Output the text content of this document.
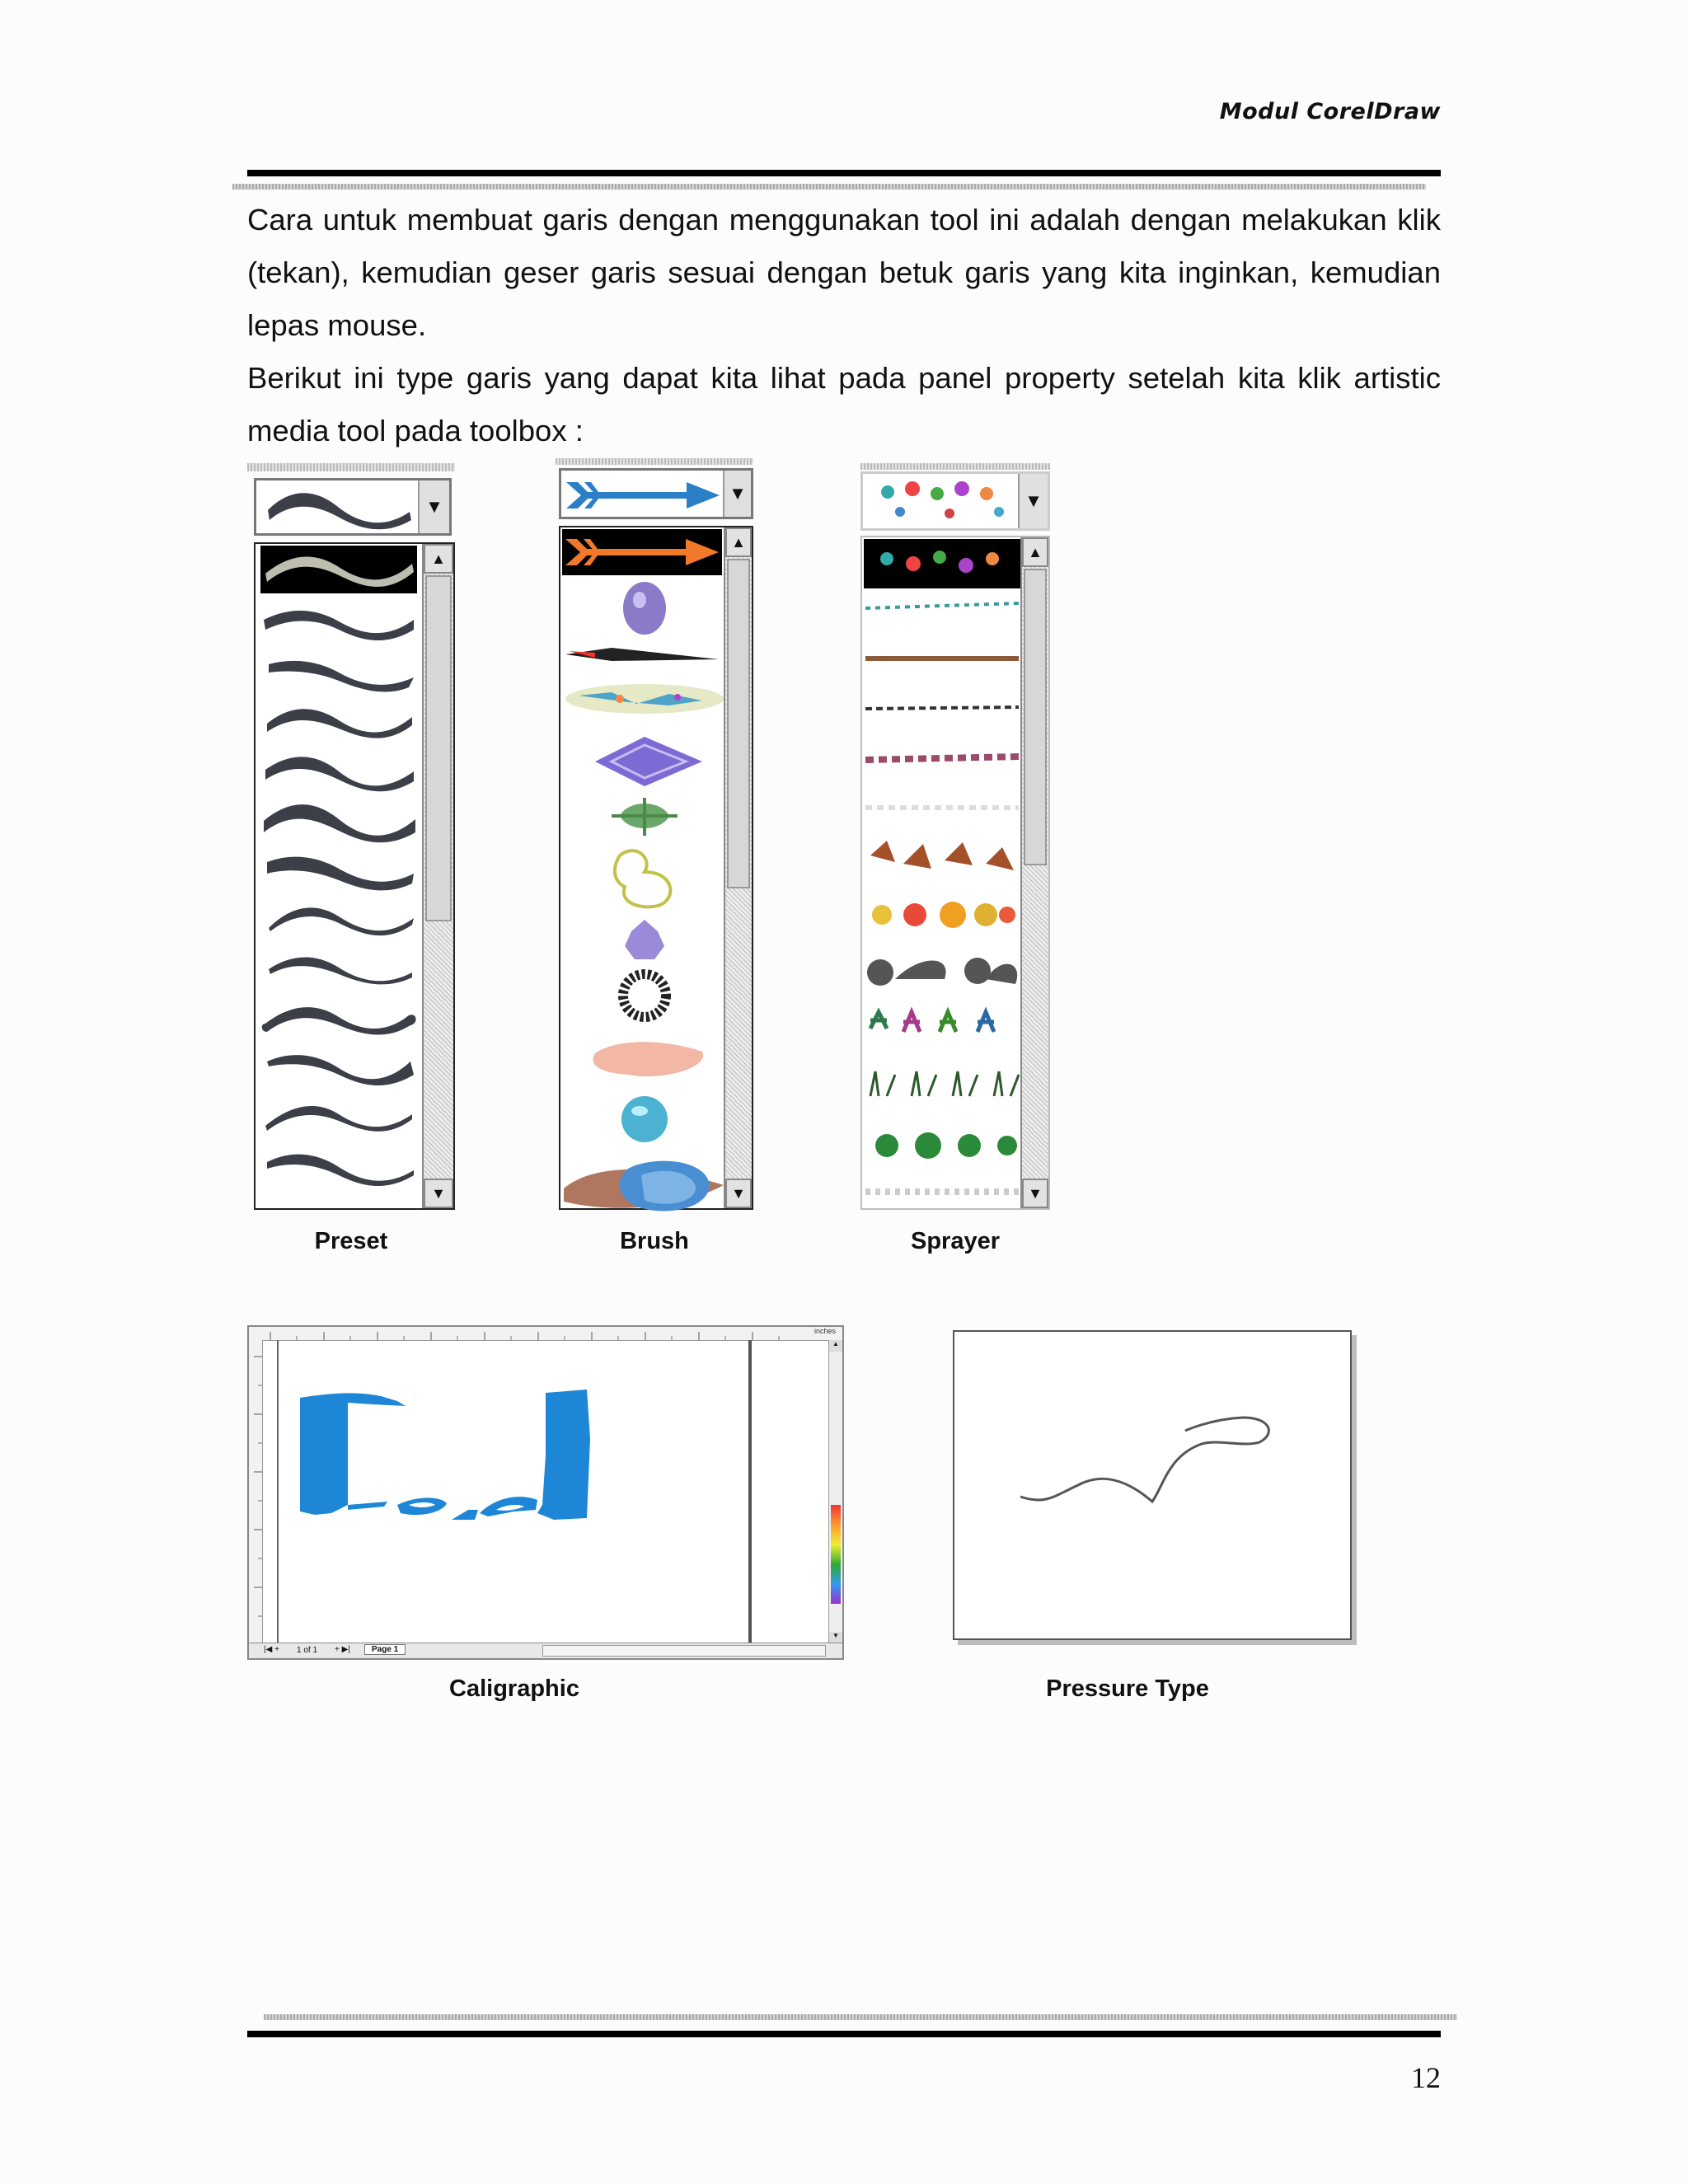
Modul CorelDraw

Cara untuk membuat garis dengan menggunakan tool ini adalah dengan melakukan klik (tekan), kemudian geser garis sesuai dengan betuk garis yang kita inginkan, kemudian lepas mouse.

Berikut ini type garis yang dapat kita lihat pada panel property setelah kita klik artistic media tool pada toolbox :

▼
▲
▼
Preset
▼
▲
▼
Brush
▼
▲
▼
Sprayer
inches
▲
▼
|◀ + 1 of 1 + ▶|	Page 1
Caligraphic	Pressure Type
12
